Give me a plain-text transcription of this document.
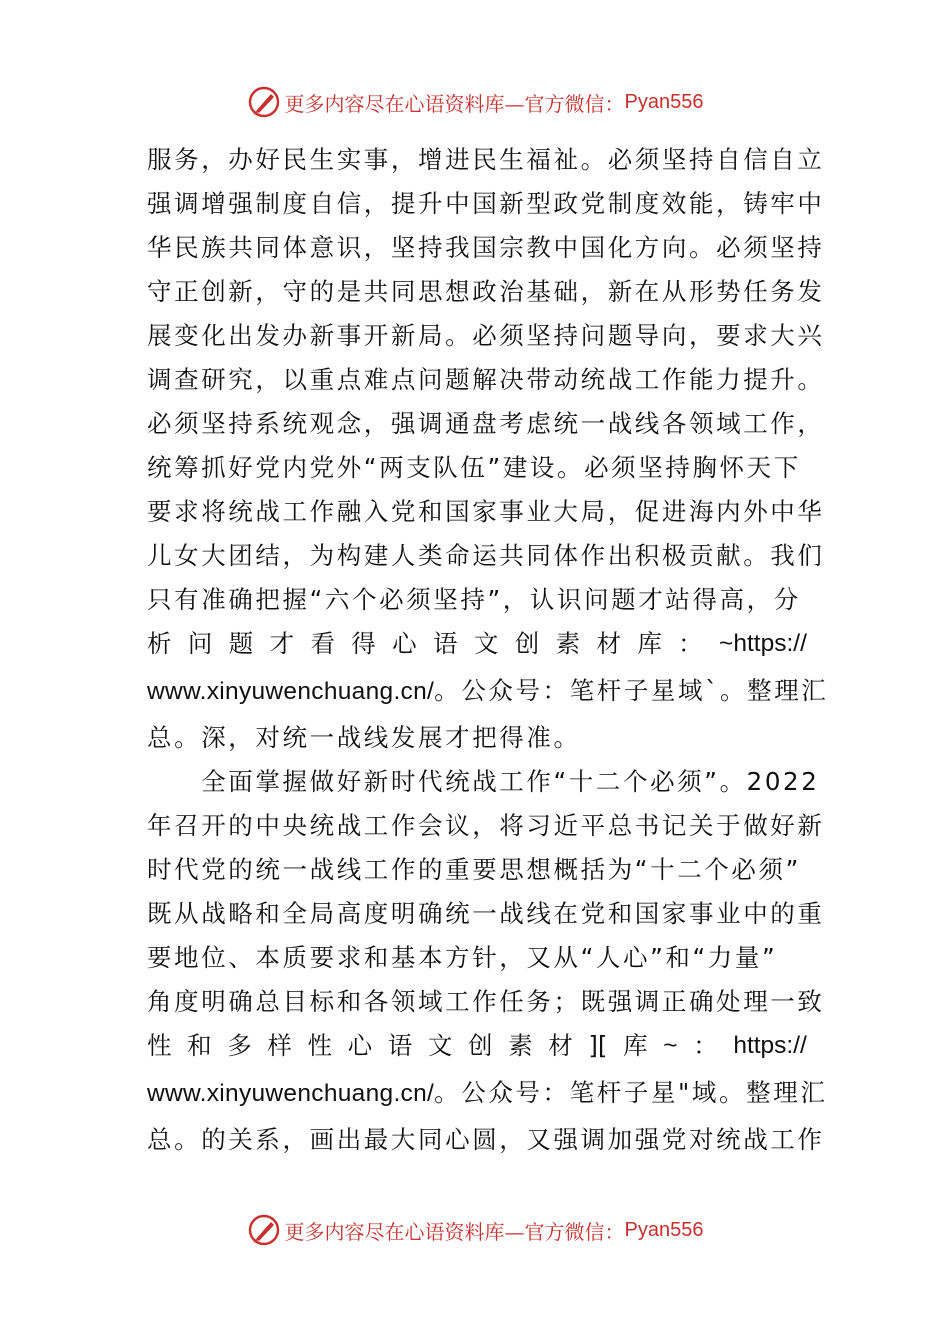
更多内容尽在心语资料库—官方微信： Pyan556
服务，办好民生实事，增进民生福祉。必须坚持自信自立
强调增强制度自信，提升中国新型政党制度效能，铸牢中
华民族共同体意识，坚持我国宗教中国化方向。必须坚持
守正创新，守的是共同思想政治基础，新在从形势任务发
展变化出发办新事开新局。必须坚持问题导向，要求大兴
调查研究，以重点难点问题解决带动统战工作能力提升。
必须坚持系统观念，强调通盘考虑统一战线各领域工作，
统筹抓好党内党外“两支队伍”建设。必须坚持胸怀天下
要求将统战工作融入党和国家事业大局，促进海内外中华
儿女大团结，为构建人类命运共同体作出积极贡献。我们
只有准确把握“六个必须坚持”，认识问题才站得高，分
析 问 题 才 看 得 心 语 文 创 素 材 库 ： ~https://
www.xinyuwenchuang.cn/。公众号：笔杆子星域`。整理汇
总。深，对统一战线发展才把得准。
　　全面掌握做好新时代统战工作“十二个必须”。2022
年召开的中央统战工作会议，将习近平总书记关于做好新
时代党的统一战线工作的重要思想概括为“十二个必须”
既从战略和全局高度明确统一战线在党和国家事业中的重
要地位、本质要求和基本方针，又从“人心”和“力量”
角度明确总目标和各领域工作任务；既强调正确处理一致
性 和 多 样 性 心 语 文 创 素 材 ][ 库 ~ ： https://
www.xinyuwenchuang.cn/。公众号：笔杆子星"域。整理汇
总。的关系，画出最大同心圆，又强调加强党对统战工作
更多内容尽在心语资料库—官方微信： Pyan556
